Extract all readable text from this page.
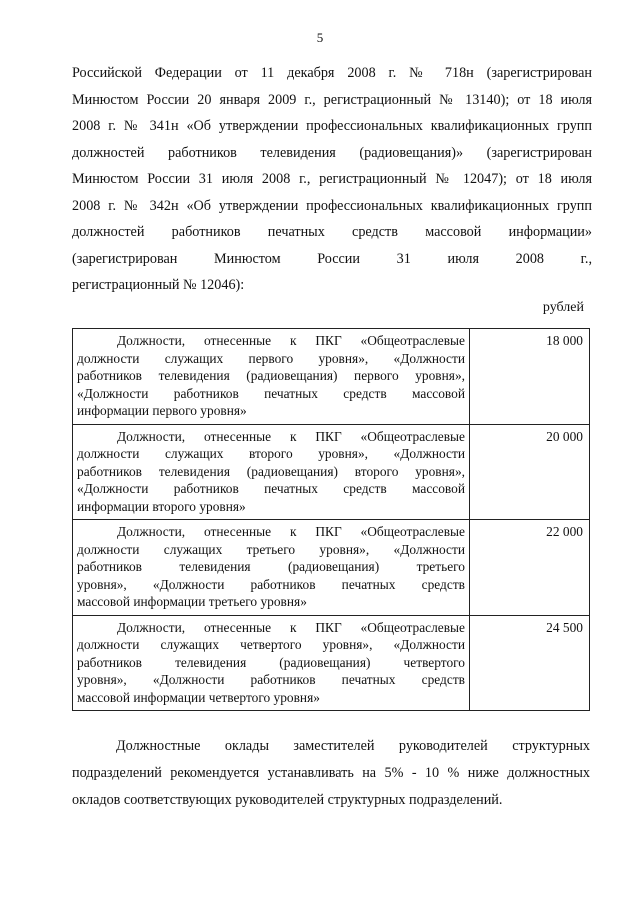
5
Российской Федерации от 11 декабря 2008 г. № 718н (зарегистрирован
Минюстом России 20 января 2009 г., регистрационный № 13140); от 18 июля
2008 г. № 341н «Об утверждении профессиональных квалификационных групп
должностей работников телевидения (радиовещания)» (зарегистрирован
Минюстом России 31 июля 2008 г., регистрационный № 12047); от 18 июля
2008 г. № 342н «Об утверждении профессиональных квалификационных групп
должностей работников печатных средств массовой информации»
(зарегистрирован Минюстом России 31 июля 2008 г.,
регистрационный № 12046):
рублей
Должности, отнесенные к ПКГ «Общеотраслевые
должности служащих первого уровня», «Должности
работников телевидения (радиовещания) первого уровня»,
«Должности работников печатных средств массовой
информации первого уровня»	18 000

Должности, отнесенные к ПКГ «Общеотраслевые
должности служащих второго уровня», «Должности
работников телевидения (радиовещания) второго уровня»,
«Должности работников печатных средств массовой
информации второго уровня»	20 000

Должности, отнесенные к ПКГ «Общеотраслевые
должности служащих третьего уровня», «Должности
работников телевидения (радиовещания) третьего
уровня», «Должности работников печатных средств
массовой информации третьего уровня»	22 000

Должности, отнесенные к ПКГ «Общеотраслевые
должности служащих четвертого уровня», «Должности
работников телевидения (радиовещания) четвертого
уровня», «Должности работников печатных средств
массовой информации четвертого уровня»	24 500
Должностные оклады заместителей руководителей структурных
подразделений рекомендуется устанавливать на 5% - 10 % ниже должностных
окладов соответствующих руководителей структурных подразделений.
